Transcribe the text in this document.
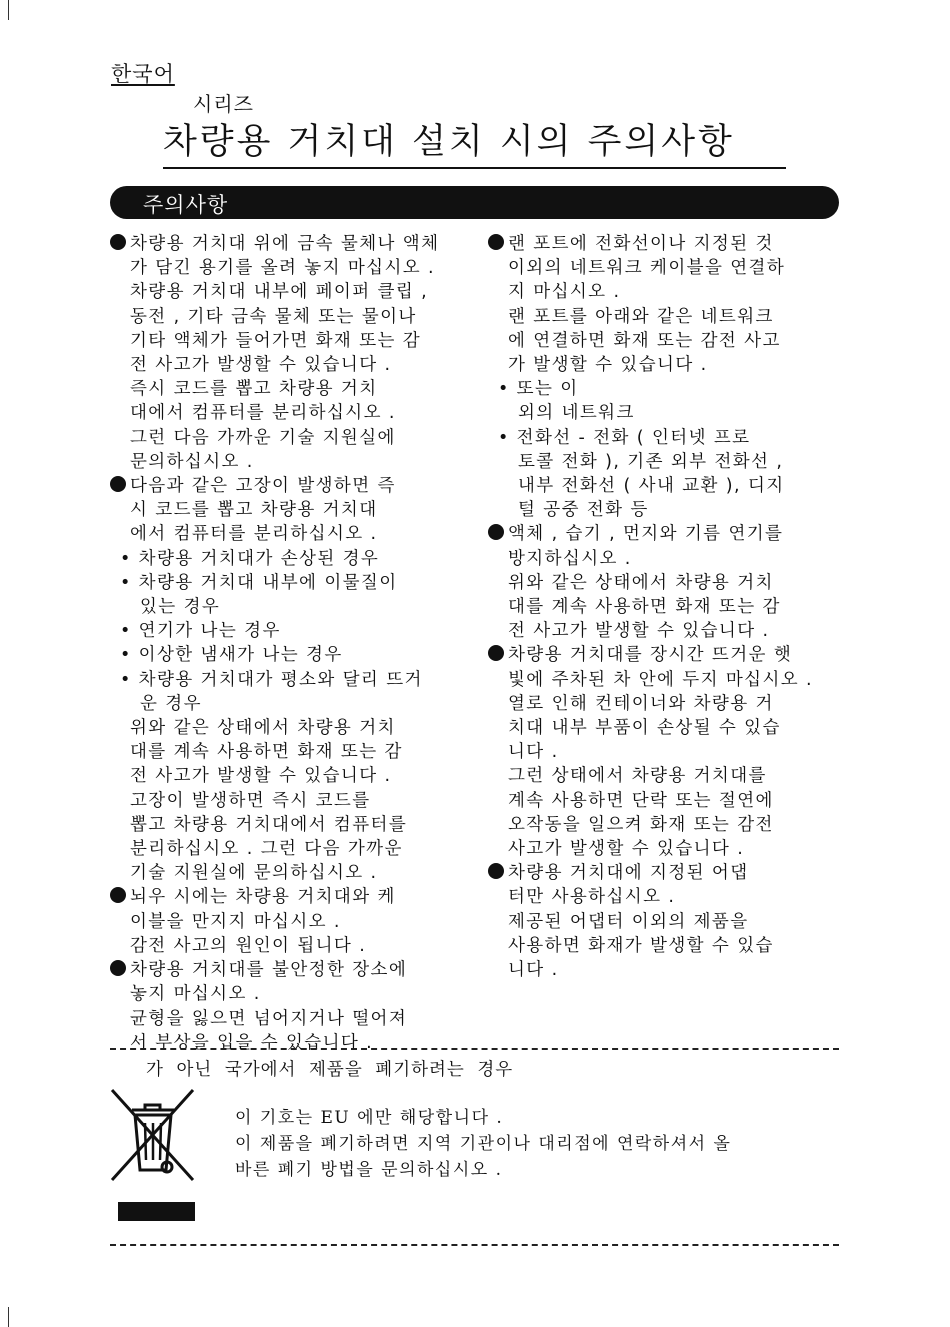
한국어
시리즈
차량용 거치대 설치 시의 주의사항
주의사항
차량용 거치대 위에 금속 물체나 액체
가 담긴 용기를 올려 놓지 마십시오 .
차량용 거치대 내부에 페이퍼 클립 ,
동전 , 기타 금속 물체 또는 물이나
기타 액체가 들어가면 화재 또는 감
전 사고가 발생할 수 있습니다 .
즉시 코드를 뽑고 차량용 거치
대에서 컴퓨터를 분리하십시오 .
그런 다음 가까운 기술 지원실에
문의하십시오 .
다음과 같은 고장이 발생하면 즉
시 코드를 뽑고 차량용 거치대
에서 컴퓨터를 분리하십시오 .
• 차량용 거치대가 손상된 경우
• 차량용 거치대 내부에 이물질이
있는 경우
• 연기가 나는 경우
• 이상한 냄새가 나는 경우
• 차량용 거치대가 평소와 달리 뜨거
운 경우
위와 같은 상태에서 차량용 거치
대를 계속 사용하면 화재 또는 감
전 사고가 발생할 수 있습니다 .
고장이 발생하면 즉시 코드를
뽑고 차량용 거치대에서 컴퓨터를
분리하십시오 . 그런 다음 가까운
기술 지원실에 문의하십시오 .
뇌우 시에는 차량용 거치대와 케
이블을 만지지 마십시오 .
감전 사고의 원인이 됩니다 .
차량용 거치대를 불안정한 장소에
놓지 마십시오 .
균형을 잃으면 넘어지거나 떨어져
서 부상을 입을 수 있습니다 .
랜 포트에 전화선이나 지정된 것
이외의 네트워크 케이블을 연결하
지 마십시오 .
랜 포트를 아래와 같은 네트워크
에 연결하면 화재 또는 감전 사고
가 발생할 수 있습니다 .
• 또는 이
외의 네트워크
• 전화선 - 전화 ( 인터넷 프로
토콜 전화 ), 기존 외부 전화선 ,
내부 전화선 ( 사내 교환 ), 디지
털 공중 전화 등
액체 , 습기 , 먼지와 기름 연기를
방지하십시오 .
위와 같은 상태에서 차량용 거치
대를 계속 사용하면 화재 또는 감
전 사고가 발생할 수 있습니다 .
차량용 거치대를 장시간 뜨거운 햇
빛에 주차된 차 안에 두지 마십시오 .
열로 인해 컨테이너와 차량용 거
치대 내부 부품이 손상될 수 있습
니다 .
그런 상태에서 차량용 거치대를
계속 사용하면 단락 또는 절연에
오작동을 일으켜 화재 또는 감전
사고가 발생할 수 있습니다 .
차량용 거치대에 지정된 어댑
터만 사용하십시오 .
제공된 어댑터 이외의 제품을
사용하면 화재가 발생할 수 있습
니다 .
가 아닌 국가에서 제품을 폐기하려는 경우
이 기호는 EU 에만 해당합니다 .
이 제품을 폐기하려면 지역 기관이나 대리점에 연락하셔서 올
바른 폐기 방법을 문의하십시오 .
